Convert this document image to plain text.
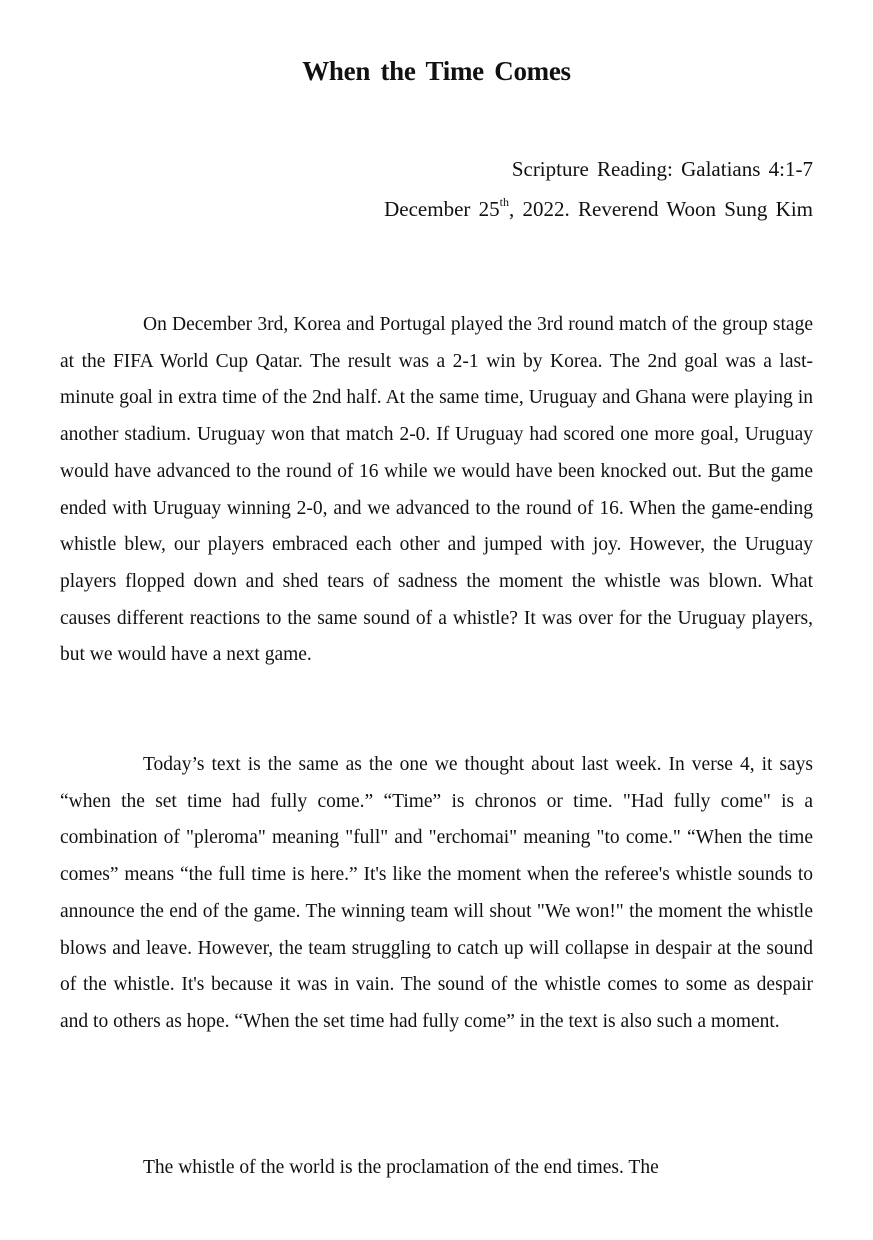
When the Time Comes
Scripture Reading: Galatians 4:1-7
December 25th, 2022. Reverend Woon Sung Kim

On December 3rd, Korea and Portugal played the 3rd round match of the group stage at the FIFA World Cup Qatar. The result was a 2-1 win by Korea. The 2nd goal was a last-minute goal in extra time of the 2nd half. At the same time, Uruguay and Ghana were playing in another stadium. Uruguay won that match 2-0. If Uruguay had scored one more goal, Uruguay would have advanced to the round of 16 while we would have been knocked out. But the game ended with Uruguay winning 2-0, and we advanced to the round of 16. When the game-ending whistle blew, our players embraced each other and jumped with joy. However, the Uruguay players flopped down and shed tears of sadness the moment the whistle was blown. What causes different reactions to the same sound of a whistle? It was over for the Uruguay players, but we would have a next game.

Today’s text is the same as the one we thought about last week. In verse 4, it says “when the set time had fully come.” “Time” is chronos or time. "Had fully come" is a combination of "pleroma" meaning "full" and "erchomai" meaning "to come." “When the time comes” means “the full time is here.” It's like the moment when the referee's whistle sounds to announce the end of the game. The winning team will shout "We won!" the moment the whistle blows and leave. However, the team struggling to catch up will collapse in despair at the sound of the whistle. It's because it was in vain. The sound of the whistle comes to some as despair and to others as hope. “When the set time had fully come” in the text is also such a moment.

The whistle of the world is the proclamation of the end times. The
